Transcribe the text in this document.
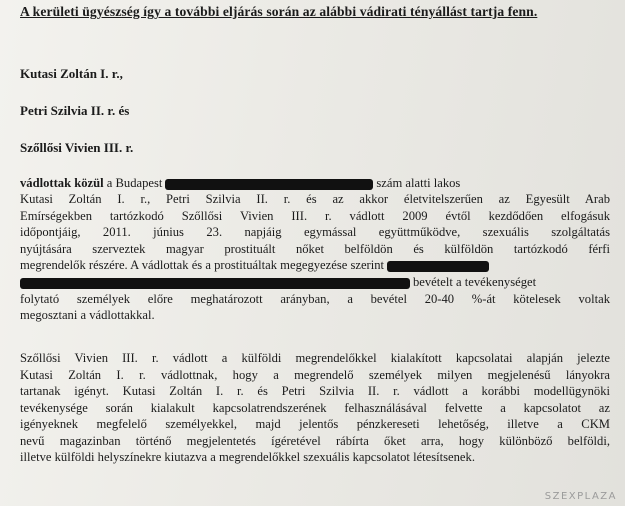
A kerületi ügyészség így a további eljárás során az alábbi vádirati tényállást tartja fenn.
Kutasi Zoltán I. r.,
Petri Szilvia II. r. és
Szőllősi Vivien III. r.
vádlottak közül a Budapest	szám alatti lakos
Kutasi Zoltán I. r., Petri Szilvia II. r. és az akkor életvitelszerűen az Egyesült Arab
Emírségekben tartózkodó Szőllősi Vivien III. r. vádlott 2009 évtől kezdődően elfogásuk
időpontjáig, 2011. június 23. napjáig egymással együttműködve, szexuális szolgáltatás
nyújtására szerveztek magyar prostituált nőket belföldön és külföldön tartózkodó férfi
megrendelők részére. A vádlottak és a prostituáltak megegyezése szerint
bevételt a tevékenységet
folytató személyek előre meghatározott arányban, a bevétel 20-40 %-át kötelesek voltak
megosztani a vádlottakkal.
Szőllősi Vivien III. r. vádlott a külföldi megrendelőkkel kialakított kapcsolatai alapján jelezte
Kutasi Zoltán I. r. vádlottnak, hogy a megrendelő személyek milyen megjelenésű lányokra
tartanak igényt. Kutasi Zoltán I. r. és Petri Szilvia II. r. vádlott a korábbi modellügynöki
tevékenysége során kialakult kapcsolatrendszerének felhasználásával felvette a kapcsolatot az
igényeknek megfelelő személyekkel, majd jelentős pénzkereseti lehetőség, illetve a CKM
nevű magazinban történő megjelentetés ígéretével rábírta őket arra, hogy különböző belföldi,
illetve külföldi helyszínekre kiutazva a megrendelőkkel szexuális kapcsolatot létesítsenek.
SZEXPLAZA
